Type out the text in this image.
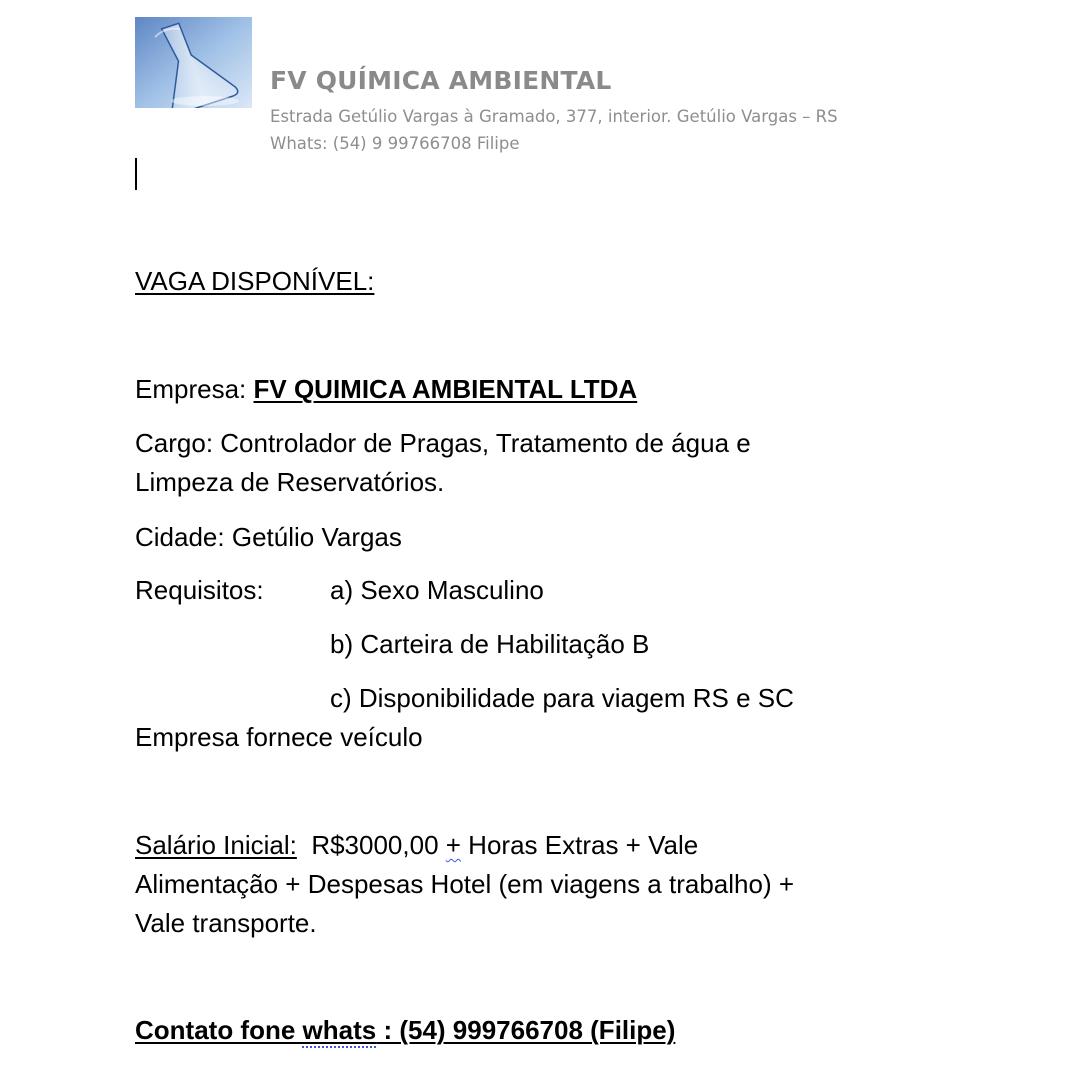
FV QUÍMICA AMBIENTAL
Estrada Getúlio Vargas à Gramado, 377, interior. Getúlio Vargas – RS
Whats: (54) 9 99766708 Filipe
VAGA DISPONÍVEL:
Empresa: FV QUIMICA AMBIENTAL LTDA
Cargo: Controlador de Pragas, Tratamento de água e
Limpeza de Reservatórios.
Cidade: Getúlio Vargas
Requisitos:	a) Sexo Masculino
b) Carteira de Habilitação B
c) Disponibilidade para viagem RS e SC
Empresa fornece veículo
Salário Inicial: R$3000,00 + Horas Extras + Vale
Alimentação + Despesas Hotel (em viagens a trabalho) +
Vale transporte.
Contato fone whats : (54) 999766708 (Filipe)
